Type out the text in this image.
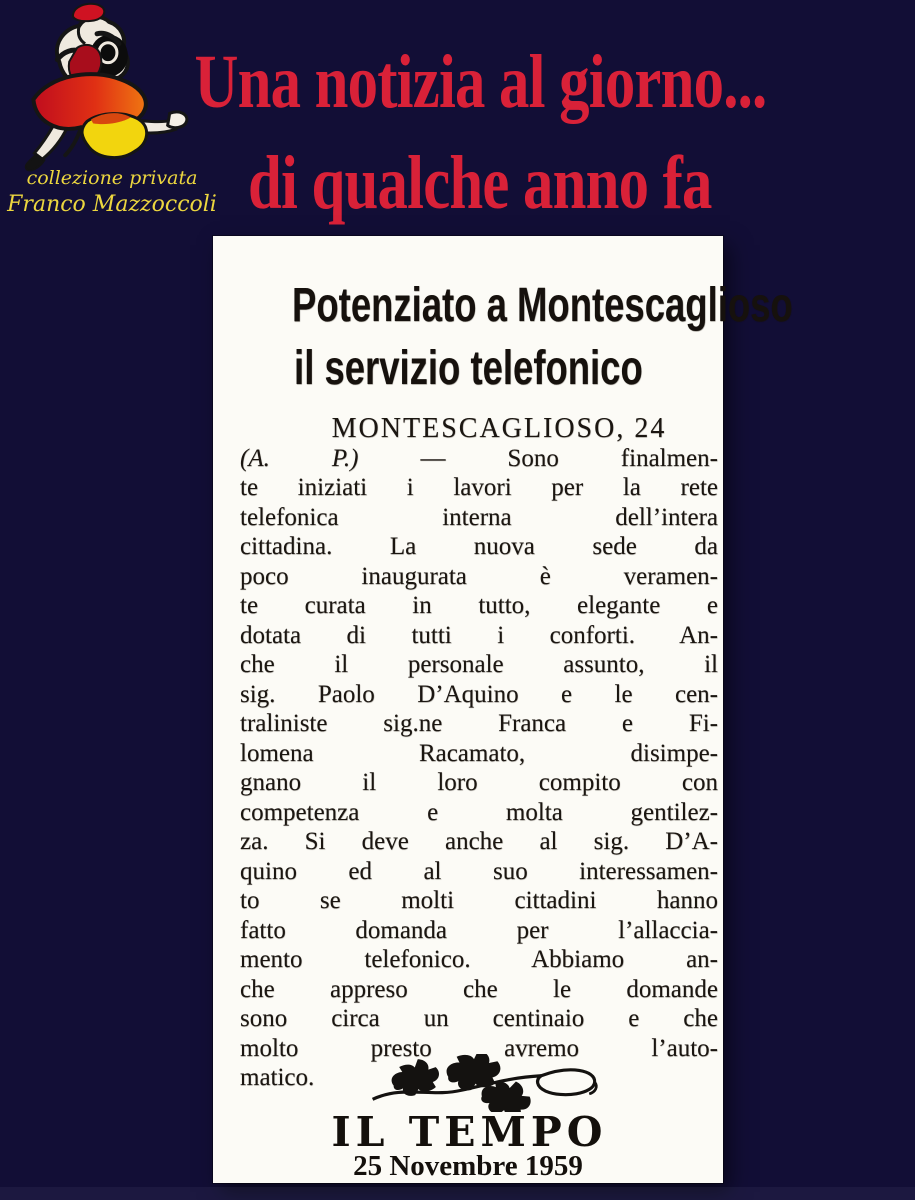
collezione privata
Franco Mazzoccoli
Una notizia al giorno...
di qualche anno fa
Potenziato a Montescaglioso
il servizio telefonico
MONTESCAGLIOSO, 24
(A. P.) — Sono finalmen-
te iniziati i lavori per la rete
telefonica interna dell’intera
cittadina. La nuova sede da
poco inaugurata è veramen-
te curata in tutto, elegante e
dotata di tutti i conforti. An-
che il personale assunto, il
sig. Paolo D’Aquino e le cen-
traliniste sig.ne Franca e Fi-
lomena Racamato, disimpe-
gnano il loro compito con
competenza e molta gentilez-
za. Si deve anche al sig. D’A-
quino ed al suo interessamen-
to se molti cittadini hanno
fatto domanda per l’allaccia-
mento telefonico. Abbiamo an-
che appreso che le domande
sono circa un centinaio e che
molto presto avremo l’auto-
matico.
IL TEMPO
25 Novembre 1959
